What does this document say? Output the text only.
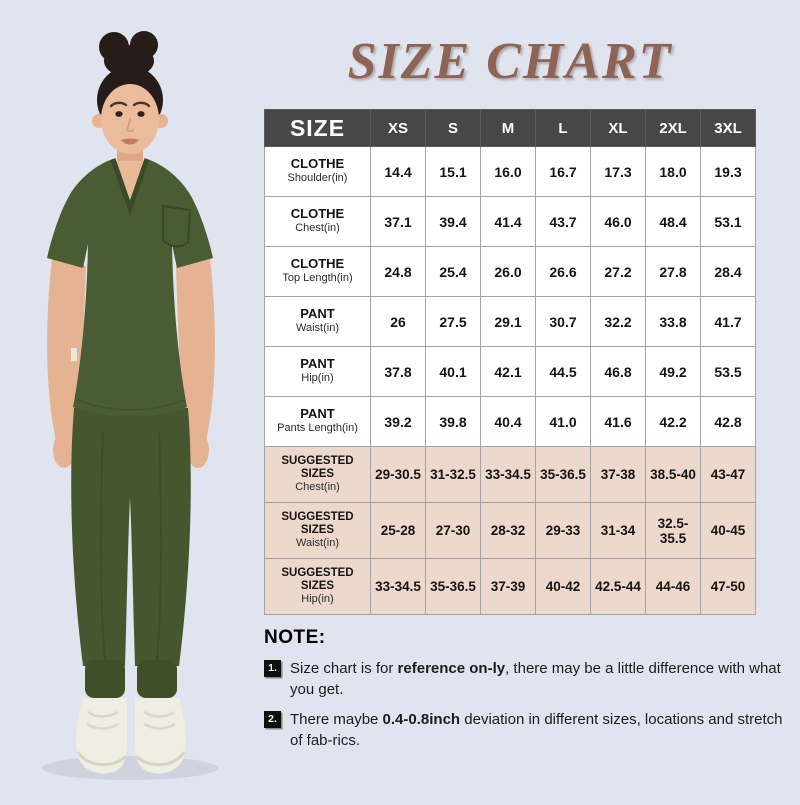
SIZE CHART
SIZE	XS	S	M	L	XL	2XL	3XL

CLOTHE
Shoulder(in)	14.4	15.1	16.0	16.7	17.3	18.0	19.3

CLOTHE
Chest(in)	37.1	39.4	41.4	43.7	46.0	48.4	53.1

CLOTHE
Top Length(in)	24.8	25.4	26.0	26.6	27.2	27.8	28.4

PANT
Waist(in)	26	27.5	29.1	30.7	32.2	33.8	41.7

PANT
Hip(in)	37.8	40.1	42.1	44.5	46.8	49.2	53.5

PANT
Pants Length(in)	39.2	39.8	40.4	41.0	41.6	42.2	42.8

SUGGESTED SIZES
Chest(in)	29-30.5	31-32.5	33-34.5	35-36.5	37-38	38.5-40	43-47

SUGGESTED SIZES
Waist(in)	25-28	27-30	28-32	29-33	31-34	32.5-35.5	40-45

SUGGESTED SIZES
Hip(in)	33-34.5	35-36.5	37-39	40-42	42.5-44	44-46	47-50
NOTE:
1. Size chart is for reference on-ly, there may be a little difference with what you get.
2. There maybe 0.4-0.8inch deviation in different sizes, locations and stretch of fab-rics.
